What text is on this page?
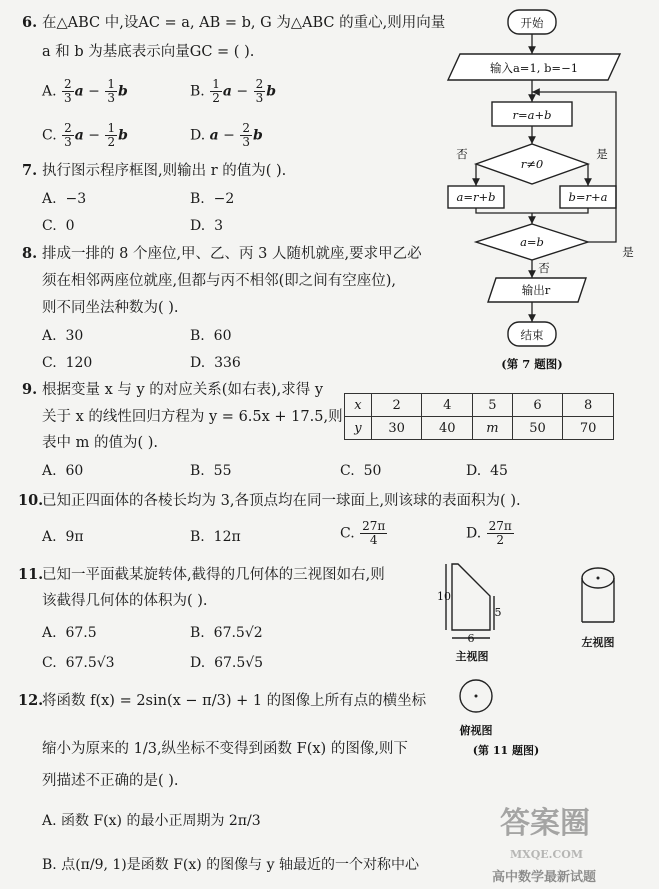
6. 在△ABC 中,设AC = a, AB = b, G 为△ABC 的重心,则用向量
a 和 b 为基底表示向量GC = ( ).
A. $\frac{2}{3}$ $a - \frac{1}{3}$ b	B. $\frac{1}{2}$ $a - \frac{2}{3}$ b
C. $\frac{2}{3}$ $a - \frac{1}{2}$ b	D. $a - \frac{2}{3}$ b
7. 执行图示程序框图,则输出 r 的值为( ).
A. −3	B. −2
C. 0	D. 3
8. 排成一排的 8 个座位,甲、乙、丙 3 人随机就座,要求甲乙必
须在相邻两座位就座,但都与丙不相邻(即之间有空座位),
则不同坐法种数为( ).
A. 30	B. 60
C. 120	D. 336
开始
输入a=1, b=−1
r=a+b
r≠0
a=r+b	b=r+a
a=b
输出r
结束
否	是
是
否
(第 7 题图)
9. 根据变量 x 与 y 的对应关系(如右表),求得 y
关于 x 的线性回归方程为 y = 6.5x + 17.5,则
表中 m 的值为( ).
x	2	4	5	6	8
y	30	40	m	50	70
A. 60	B. 55	C. 50	D. 45
10.
已知正四面体的各棱长均为 3,各顶点均在同一球面上,则该球的表面积为( ).
A. 9π	B. 12π	C. $\frac{27\pi}{4}$	D. $\frac{27\pi}{2}$
11.
已知一平面截某旋转体,截得的几何体的三视图如右,则
该截得几何体的体积为( ).
A. 67.5	B. 67.5√2
C. 67.5√3	D. 67.5√5
10
5
6
主视图
左视图
俯视图
(第 11 题图)
12.
将函数 f(x) = 2sin(x − π/3) + 1 的图像上所有点的横坐标
缩小为原来的 1/3,纵坐标不变得到函数 F(x) 的图像,则下
列描述不正确的是( ).
A. 函数 F(x) 的最小正周期为 2π/3
B. 点(π/9, 1)是函数 F(x) 的图像与 y 轴最近的一个对称中心
答案圈
高中数学最新试题
MXQE.COM
